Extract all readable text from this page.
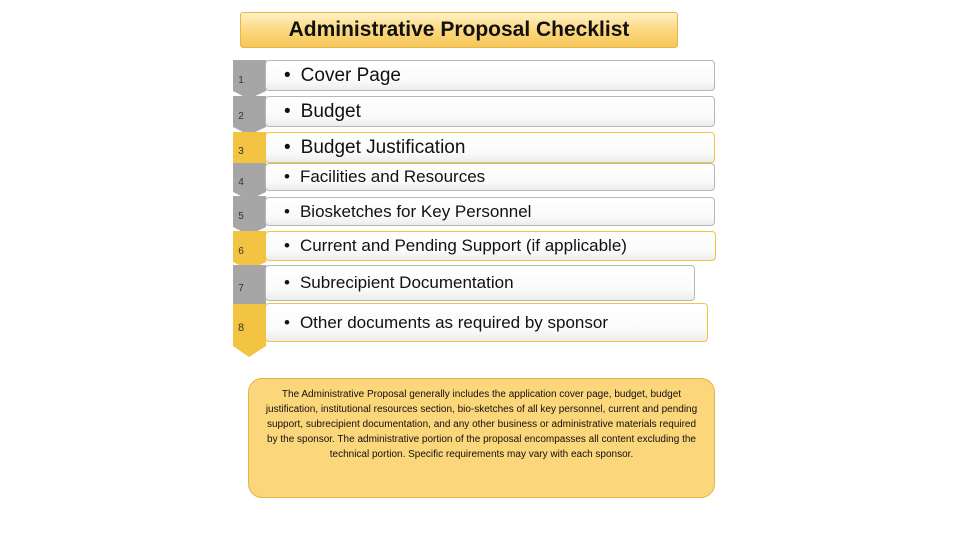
Administrative Proposal Checklist
1
2
3
4
5
6
7
8
• Cover Page
• Budget
• Budget Justification
• Facilities and Resources
• Biosketches for Key Personnel
• Current and Pending Support (if applicable)
• Subrecipient Documentation
• Other documents as required by sponsor
The Administrative Proposal generally includes the application cover page, budget, budget justification, institutional resources section, bio-sketches of all key personnel, current and pending support, subrecipient documentation, and any other business or administrative materials required by the sponsor. The administrative portion of the proposal encompasses all content excluding the technical portion. Specific requirements may vary with each sponsor.
